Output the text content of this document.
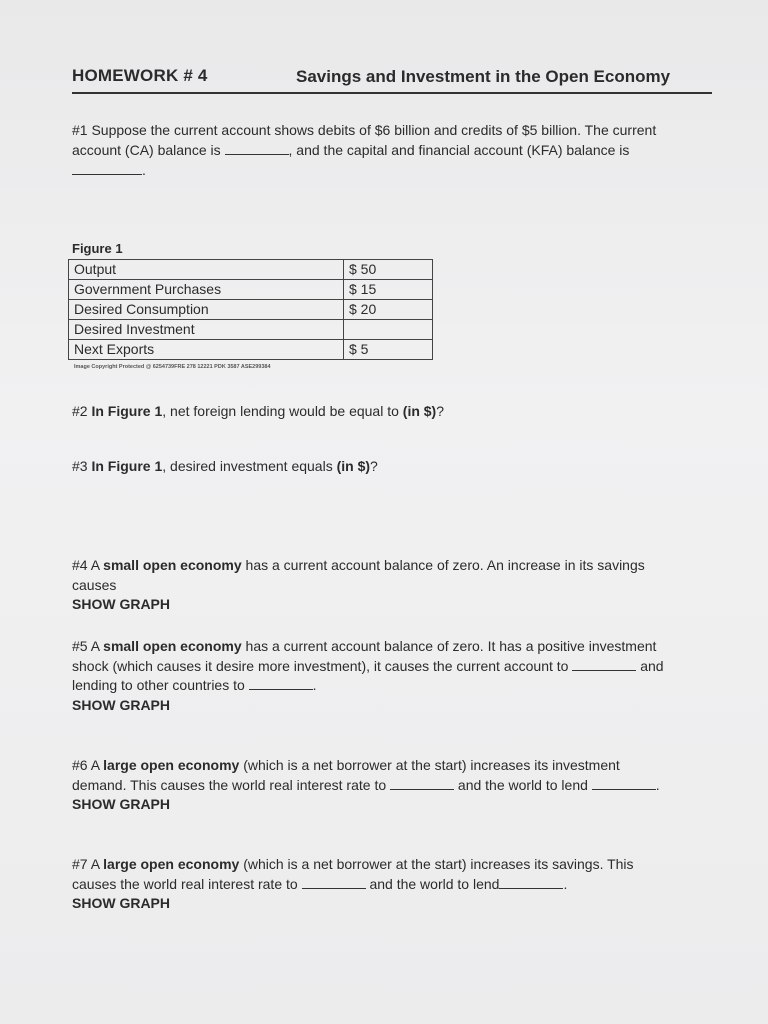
HOMEWORK # 4	Savings and Investment in the Open Economy
#1 Suppose the current account shows debits of $6 billion and credits of $5 billion. The current
account (CA) balance is	, and the capital and financial account (KFA) balance is
.
Figure 1
Output	$ 50
Government Purchases	$ 15
Desired Consumption	$ 20
Desired Investment	
Next Exports	$ 5
Image Copyright Protected @ 6254739FRE 278 12221 PDK 3587 ASE299384
#2 In Figure 1, net foreign lending would be equal to (in $)?
#3 In Figure 1, desired investment equals (in $)?
#4 A small open economy has a current account balance of zero. An increase in its savings
causes
SHOW GRAPH
#5 A small open economy has a current account balance of zero. It has a positive investment
shock (which causes it desire more investment), it causes the current account to	and
lending to other countries to	.
SHOW GRAPH
#6 A large open economy (which is a net borrower at the start) increases its investment
demand. This causes the world real interest rate to	and the world to lend	.
SHOW GRAPH
#7 A large open economy (which is a net borrower at the start) increases its savings. This
causes the world real interest rate to	and the world to lend	.
SHOW GRAPH
